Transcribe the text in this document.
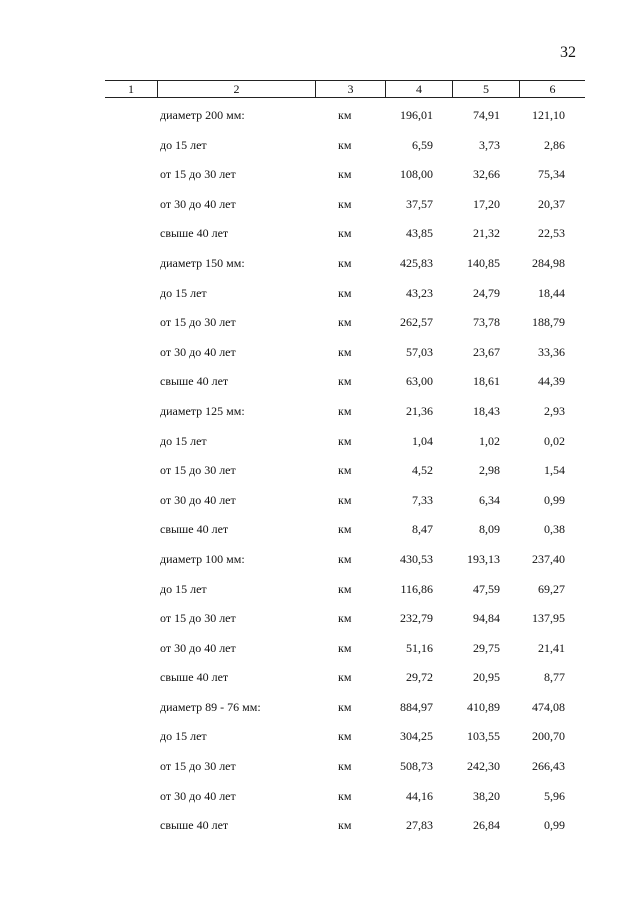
32
1	2	3	4	5	6
диаметр 200 мм:	км	196,01	74,91	121,10
до 15 лет	км	6,59	3,73	2,86
от 15 до 30 лет	км	108,00	32,66	75,34
от 30 до 40 лет	км	37,57	17,20	20,37
свыше 40 лет	км	43,85	21,32	22,53
диаметр 150 мм:	км	425,83	140,85	284,98
до 15 лет	км	43,23	24,79	18,44
от 15 до 30 лет	км	262,57	73,78	188,79
от 30 до 40 лет	км	57,03	23,67	33,36
свыше 40 лет	км	63,00	18,61	44,39
диаметр 125 мм:	км	21,36	18,43	2,93
до 15 лет	км	1,04	1,02	0,02
от 15 до 30 лет	км	4,52	2,98	1,54
от 30 до 40 лет	км	7,33	6,34	0,99
свыше 40 лет	км	8,47	8,09	0,38
диаметр 100 мм:	км	430,53	193,13	237,40
до 15 лет	км	116,86	47,59	69,27
от 15 до 30 лет	км	232,79	94,84	137,95
от 30 до 40 лет	км	51,16	29,75	21,41
свыше 40 лет	км	29,72	20,95	8,77
диаметр 89 - 76 мм:	км	884,97	410,89	474,08
до 15 лет	км	304,25	103,55	200,70
от 15 до 30 лет	км	508,73	242,30	266,43
от 30 до 40 лет	км	44,16	38,20	5,96
свыше 40 лет	км	27,83	26,84	0,99
